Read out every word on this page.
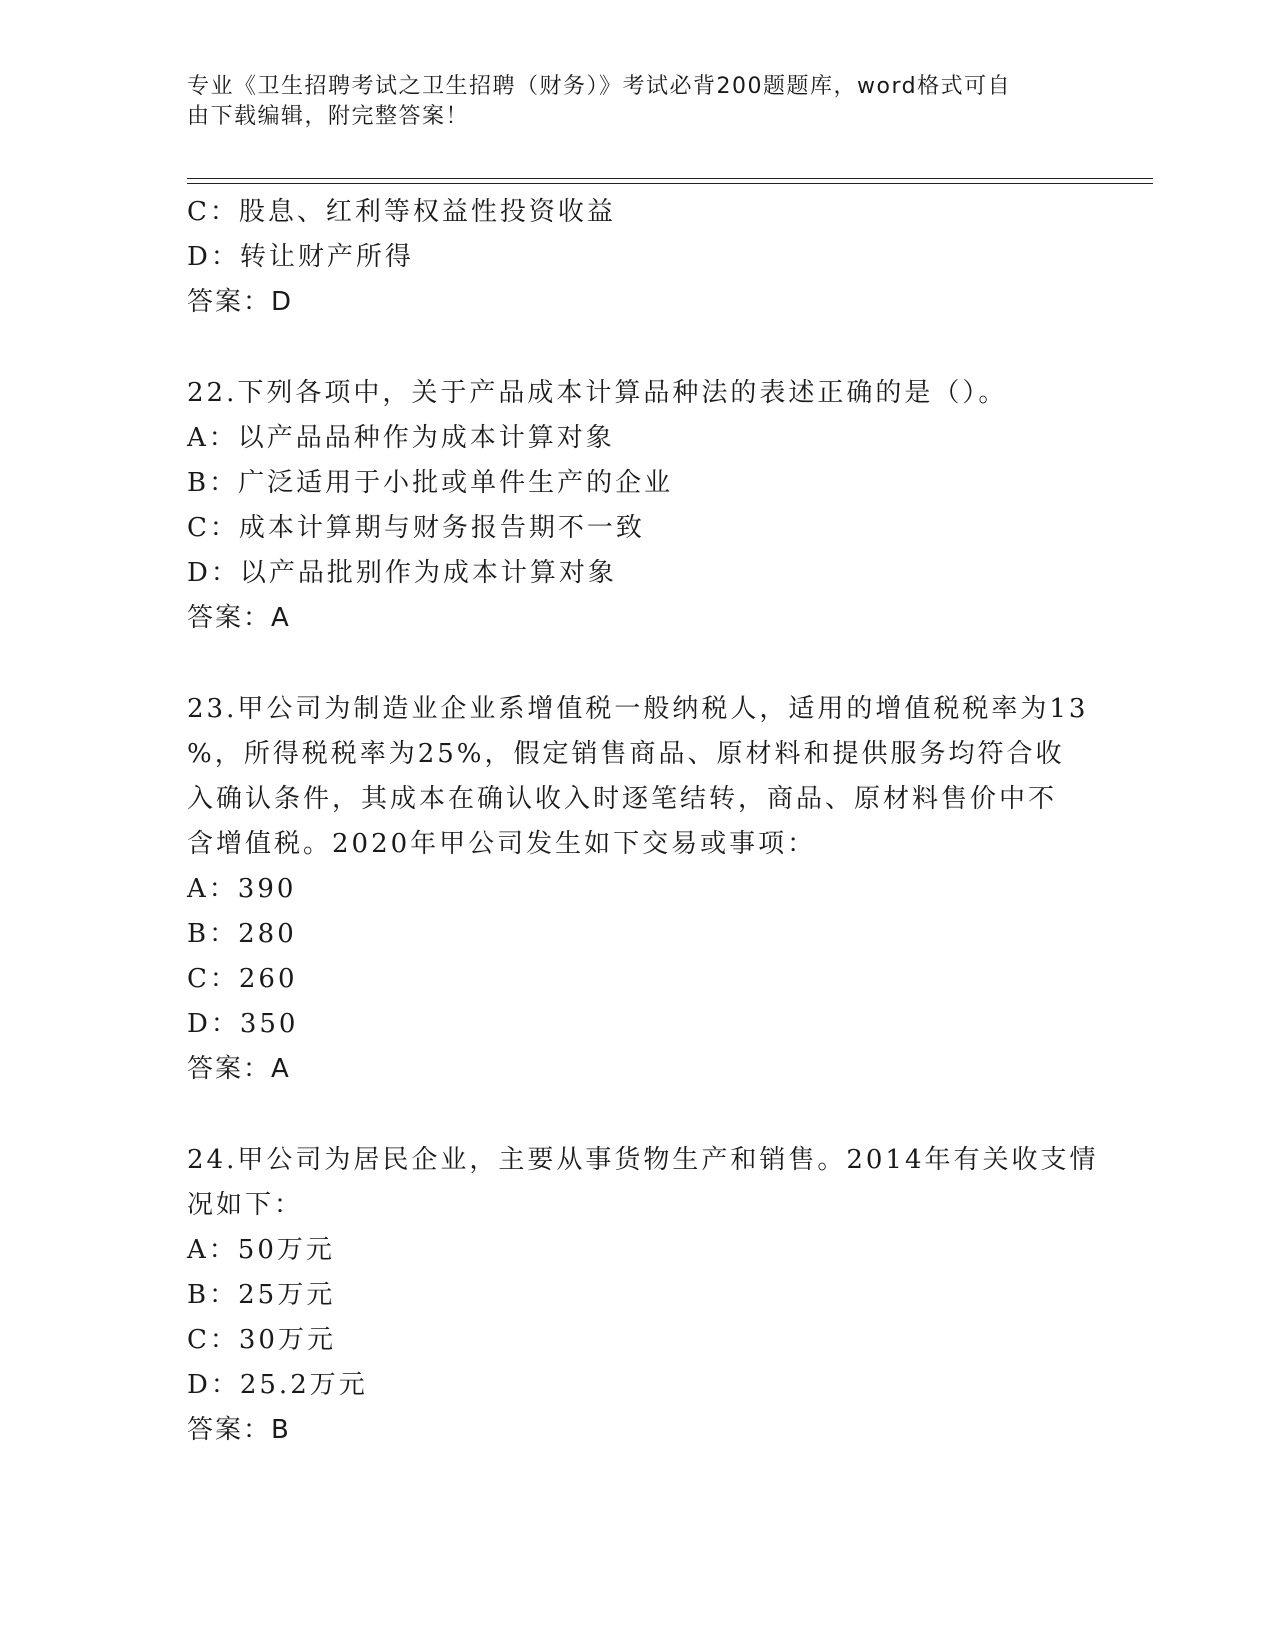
专业《卫生招聘考试之卫生招聘（财务）》考试必背200题题库，word格式可自
由下载编辑，附完整答案！
C：股息、红利等权益性投资收益
D：转让财产所得
答案：D
22.下列各项中，关于产品成本计算品种法的表述正确的是（）。
A：以产品品种作为成本计算对象
B：广泛适用于小批或单件生产的企业
C：成本计算期与财务报告期不一致
D：以产品批别作为成本计算对象
答案：A
23.甲公司为制造业企业系增值税一般纳税人，适用的增值税税率为13
%，所得税税率为25%，假定销售商品、原材料和提供服务均符合收
入确认条件，其成本在确认收入时逐笔结转，商品、原材料售价中不
含增值税。2020年甲公司发生如下交易或事项：
A：390
B：280
C：260
D：350
答案：A
24.甲公司为居民企业，主要从事货物生产和销售。2014年有关收支情
况如下：
A：50万元
B：25万元
C：30万元
D：25.2万元
答案：B
